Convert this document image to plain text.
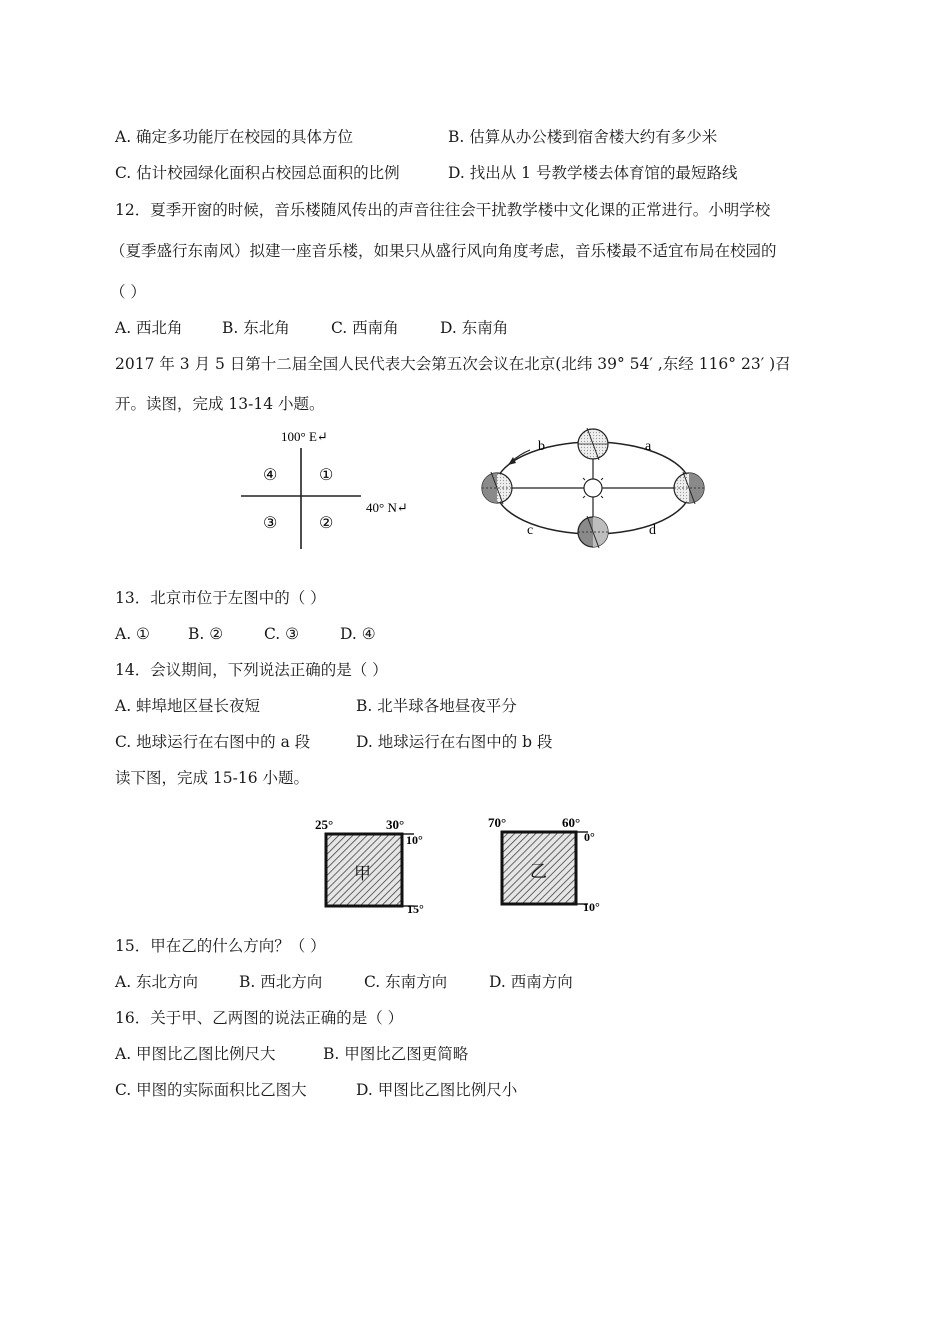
A. 确定多功能厅在校园的具体方位	B. 估算从办公楼到宿舍楼大约有多少米
C. 估计校园绿化面积占校园总面积的比例	D. 找出从 1 号教学楼去体育馆的最短路线
12．夏季开窗的时候，音乐楼随风传出的声音往往会干扰教学楼中文化课的正常进行。小明学校
（夏季盛行东南风）拟建一座音乐楼，如果只从盛行风向角度考虑，音乐楼最不适宜布局在校园的
（ ）
A. 西北角	B. 东北角	C. 西南角	D. 东南角
2017 年 3 月 5 日第十二届全国人民代表大会第五次会议在北京(北纬 39° 54′ ,东经 116° 23′ )召
开。读图，完成 13-14 小题。
100° E↵
40° N↵
④	①
③	②
b	a
c	d
13．北京市位于左图中的（ ）
A. ① B. ②	C. ③	D. ④
14．会议期间，下列说法正确的是（ ）
A. 蚌埠地区昼长夜短	B. 北半球各地昼夜平分
C. 地球运行在右图中的 a 段	D. 地球运行在右图中的 b 段
读下图，完成 15-16 小题。
25°	30°
10°
15°
甲
70°	60°
0°
10°
乙
15．甲在乙的什么方向？（ ）
A. 东北方向	B. 西北方向	C. 东南方向	D. 西南方向
16．关于甲、乙两图的说法正确的是（ ）
A. 甲图比乙图比例尺大	B. 甲图比乙图更简略
C. 甲图的实际面积比乙图大	D. 甲图比乙图比例尺小
